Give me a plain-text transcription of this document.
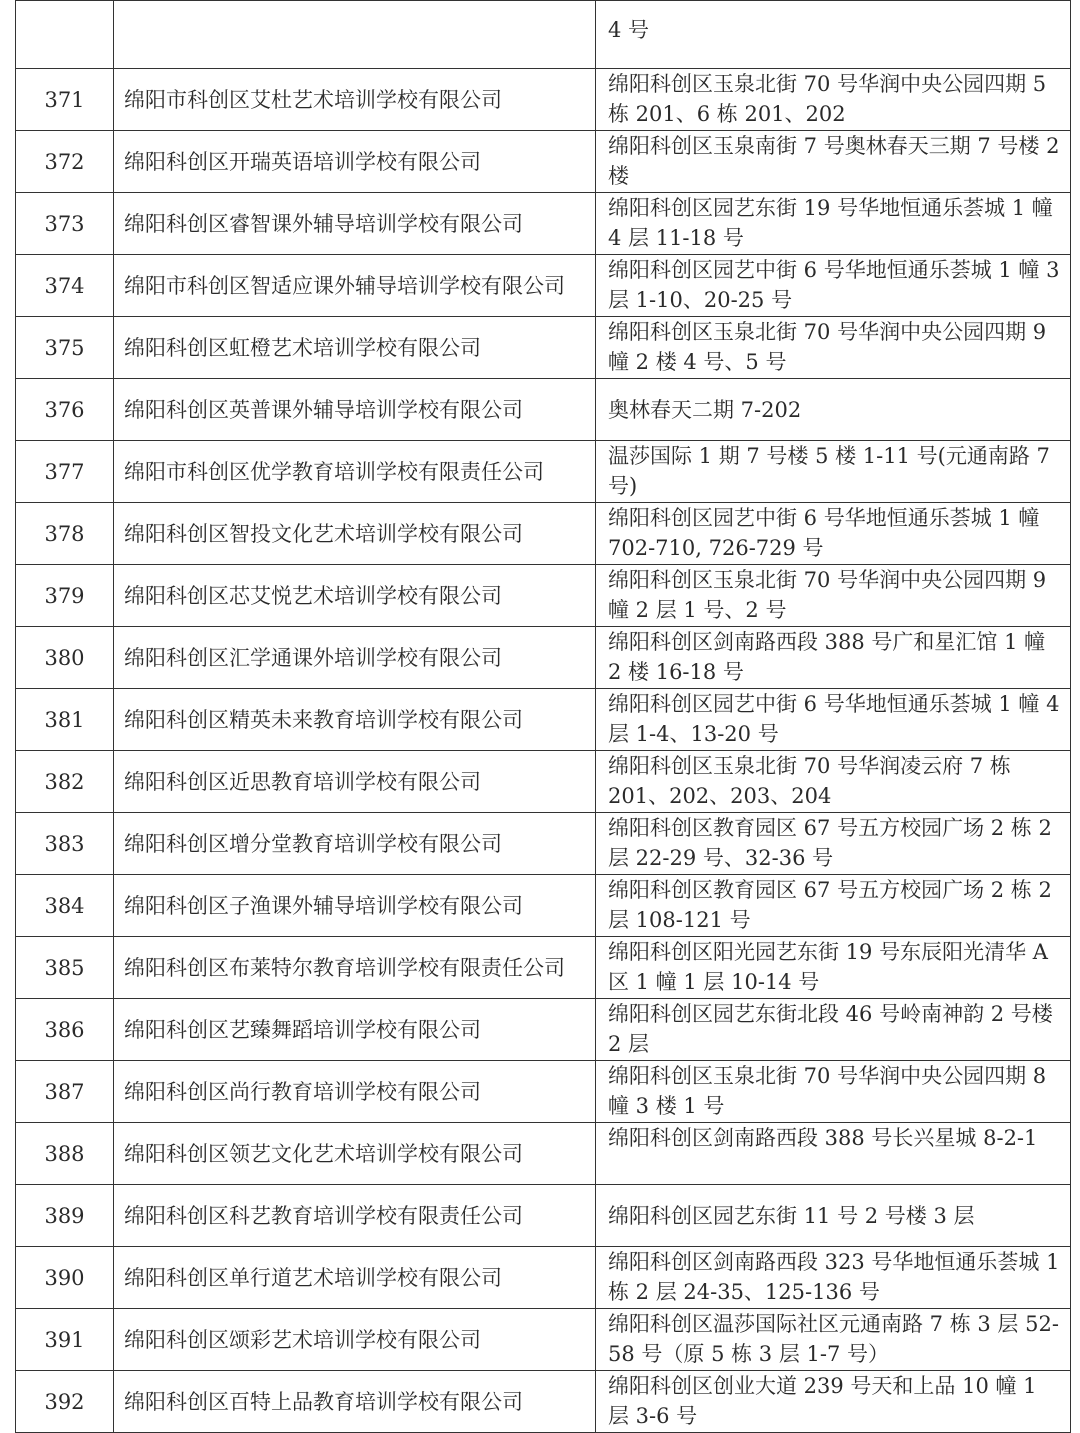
		4 号
371	绵阳市科创区艾杜艺术培训学校有限公司	绵阳科创区玉泉北街 70 号华润中央公园四期 5 栋 201、6 栋 201、202
372	绵阳科创区开瑞英语培训学校有限公司	绵阳科创区玉泉南街 7 号奥林春天三期 7 号楼 2 楼
373	绵阳科创区睿智课外辅导培训学校有限公司	绵阳科创区园艺东街 19 号华地恒通乐荟城 1 幢 4 层 11-18 号
374	绵阳市科创区智适应课外辅导培训学校有限公司	绵阳科创区园艺中街 6 号华地恒通乐荟城 1 幢 3 层 1-10、20-25 号
375	绵阳科创区虹橙艺术培训学校有限公司	绵阳科创区玉泉北街 70 号华润中央公园四期 9 幢 2 楼 4 号、5 号
376	绵阳科创区英普课外辅导培训学校有限公司	奥林春天二期 7-202
377	绵阳市科创区优学教育培训学校有限责任公司	温莎国际 1 期 7 号楼 5 楼 1-11 号(元通南路 7 号)
378	绵阳科创区智投文化艺术培训学校有限公司	绵阳科创区园艺中街 6 号华地恒通乐荟城 1 幢 702-710, 726-729 号
379	绵阳科创区芯艾悦艺术培训学校有限公司	绵阳科创区玉泉北街 70 号华润中央公园四期 9 幢 2 层 1 号、2 号
380	绵阳科创区汇学通课外培训学校有限公司	绵阳科创区剑南路西段 388 号广和星汇馆 1 幢 2 楼 16-18 号
381	绵阳科创区精英未来教育培训学校有限公司	绵阳科创区园艺中街 6 号华地恒通乐荟城 1 幢 4 层 1-4、13-20 号
382	绵阳科创区近思教育培训学校有限公司	绵阳科创区玉泉北街 70 号华润凌云府 7 栋 201、202、203、204
383	绵阳科创区增分堂教育培训学校有限公司	绵阳科创区教育园区 67 号五方校园广场 2 栋 2 层 22-29 号、32-36 号
384	绵阳科创区子渔课外辅导培训学校有限公司	绵阳科创区教育园区 67 号五方校园广场 2 栋 2 层 108-121 号
385	绵阳科创区布莱特尔教育培训学校有限责任公司	绵阳科创区阳光园艺东街 19 号东辰阳光清华 A 区 1 幢 1 层 10-14 号
386	绵阳科创区艺臻舞蹈培训学校有限公司	绵阳科创区园艺东街北段 46 号岭南神韵 2 号楼 2 层
387	绵阳科创区尚行教育培训学校有限公司	绵阳科创区玉泉北街 70 号华润中央公园四期 8 幢 3 楼 1 号
388	绵阳科创区领艺文化艺术培训学校有限公司	绵阳科创区剑南路西段 388 号长兴星城 8-2-1
389	绵阳科创区科艺教育培训学校有限责任公司	绵阳科创区园艺东街 11 号 2 号楼 3 层
390	绵阳科创区单行道艺术培训学校有限公司	绵阳科创区剑南路西段 323 号华地恒通乐荟城 1 栋 2 层 24-35、125-136 号
391	绵阳科创区颂彩艺术培训学校有限公司	绵阳科创区温莎国际社区元通南路 7 栋 3 层 52-58 号（原 5 栋 3 层 1-7 号）
392	绵阳科创区百特上品教育培训学校有限公司	绵阳科创区创业大道 239 号天和上品 10 幢 1 层 3-6 号
